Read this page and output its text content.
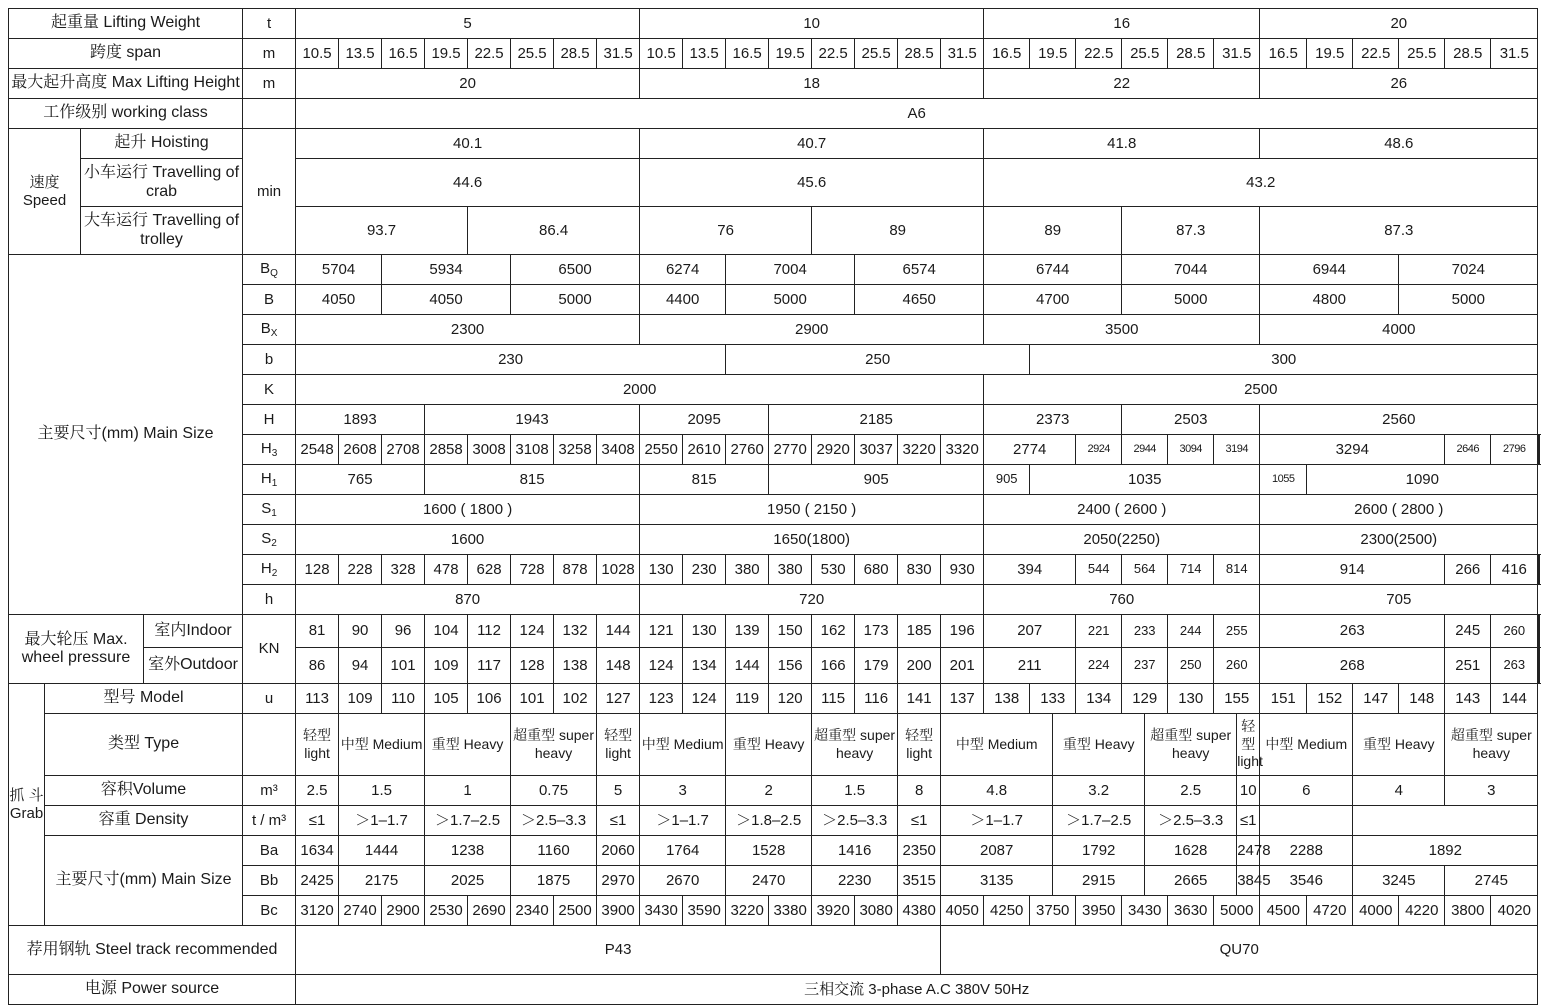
起重量 Lifting Weight				t	5								10								16									20							
跨度 span				m	10.5	13.5	16.5	19.5	22.5	25.5	28.5	31.5	10.5	13.5	16.5	19.5	22.5	25.5	28.5	31.5	16.5	19.5		22.5	25.5		28.5	31.5		16.5	19.5	22.5	25.5	28.5	31.5		
最大起升高度 Max Lifting Height				m	20								18								22									26							
工作级别 working class					A6																																
速度 Speed		起升 Hoisting		min	40.1								40.7								41.8									48.6							
		小车运行 Travelling of crab			44.6								45.6								43.2																
		大车运行 Travelling of trolley			93.7				86.4				76				89				89				87.3					87.3							
主要尺寸(mm) Main Size				$B_Q$	5704		5934			6500			6274		7004			6574			6744				7044					6944			7024				
				B	4050		4050			5000			4400		5000			4650			4700				5000					4800			5000				
				$B_X$	2300								2900								3500									4000							
				b	230										250							300															
				K	2000																2500																
				H	1893			1943					2095			2185					2373				2503					2560							
				$H_3$	2548	2608	2708	2858	3008	3108	3258	3408	2550	2610	2760	2770	2920	3037	3220	3320	2774			2924	2944		3094	3194		3294				2646	2796				
				$H_1$	765			815					815			905					905	1035								1055	1090						
				$S_1$	1600 ( 1800 )								1950 ( 2150 )								2400 ( 2600 )									2600 ( 2800 )							
				$S_2$	1600								1650(1800)								2050(2250)									2300(2500)							
				$H_2$	128	228	328	478	628	728	878	1028	130	230	380	380	530	680	830	930	394			544	564		714	814		914				266	416				
				h	870								720								760									705							
最大轮压 Max. wheel pressure			室内Indoor	KN	81	90	96	104	112	124	132	144	121	130	139	150	162	173	185	196	207			221	233		244	255		263				245	260				
			室外Outdoor		86	94	101	109	117	128	138	148	124	134	144	156	166	179	200	201	211			224	237		250	260		268				251	263				
抓 斗 Grab	型号 Model			u	113	109	110	105	106	101	102	127	123	124	119	120	115	116	141	137	138	133		134	129		130	155		151	152	147	148	143	144		
	类型 Type				轻型 light	中型 Medium		重型 Heavy		超重型 super heavy		轻型 light	中型 Medium		重型 Heavy		超重型 super heavy		轻型 light	中型 Medium			重型 Heavy			超重型 super heavy			轻型 light	中型 Medium		重型 Heavy		超重型 super heavy			
	容积Volume			m³	2.5	1.5		1		0.75		5	3		2		1.5		8	4.8			3.2			2.5			10	6		4		3			
	容重 Density			t / m³	≤1	＞1–1.7		＞1.7–2.5		＞2.5–3.3		≤1	＞1–1.7		＞1.8–2.5		＞2.5–3.3		≤1	＞1–1.7			＞1.7–2.5			＞2.5–3.3			≤1								
	主要尺寸(mm) Main Size			Ba	1634	1444		1238		1160		2060	1764		1528		1416		2350	2087			1792			1628			2478	2288		1892					
				Bb	2425	2175		2025		1875		2970	2670		2470		2230		3515	3135			2915			2665			3845	3546		3245		2745			
				Bc	3120	2740	2900	2530	2690	2340	2500	3900	3430	3590	3220	3380	3920	3080	4380	4050	4250	3750		3950	3430		3630	5000		4500	4720	4000	4220	3800	4020		
荐用钢轨 Steel track recommended					P43															QU70																	
电源 Power source					三相交流 3-phase A.C 380V 50Hz																																
